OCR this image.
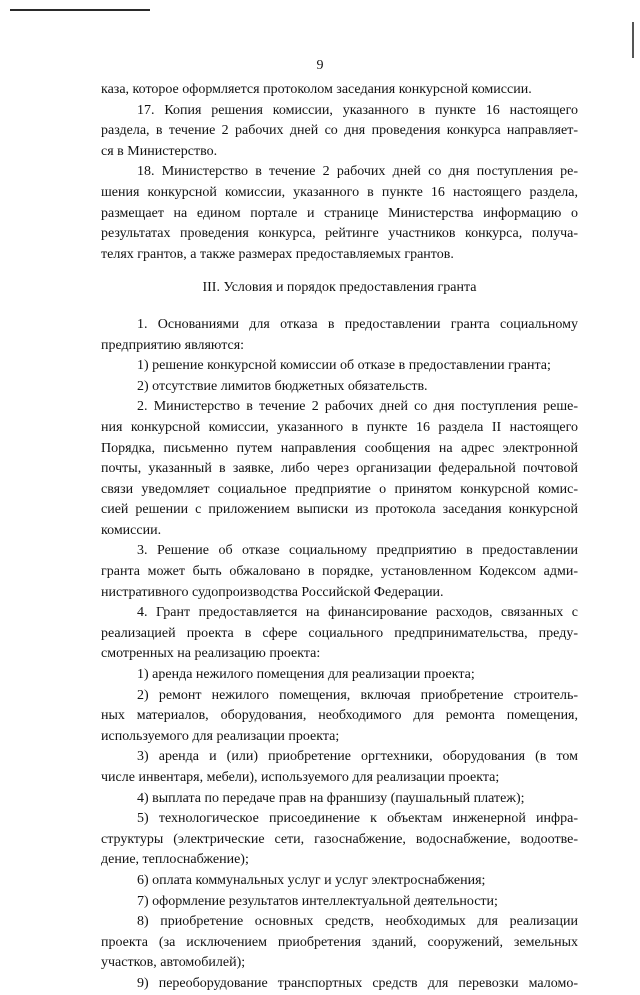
9
каза, которое оформляется протоколом заседания конкурсной комиссии.
17. Копия решения комиссии, указанного в пункте 16 настоящего
раздела, в течение 2 рабочих дней со дня проведения конкурса направляет-
ся в Министерство.
18. Министерство в течение 2 рабочих дней со дня поступления ре-
шения конкурсной комиссии, указанного в пункте 16 настоящего раздела,
размещает на едином портале и странице Министерства информацию о
результатах проведения конкурса, рейтинге участников конкурса, получа-
телях грантов, а также размерах предоставляемых грантов.
III. Условия и порядок предоставления гранта
1. Основаниями для отказа в предоставлении гранта социальному
предприятию являются:
1) решение конкурсной комиссии об отказе в предоставлении гранта;
2) отсутствие лимитов бюджетных обязательств.
2. Министерство в течение 2 рабочих дней со дня поступления реше-
ния конкурсной комиссии, указанного в пункте 16 раздела II настоящего
Порядка, письменно путем направления сообщения на адрес электронной
почты, указанный в заявке, либо через организации федеральной почтовой
связи уведомляет социальное предприятие о принятом конкурсной комис-
сией решении с приложением выписки из протокола заседания конкурсной
комиссии.
3. Решение об отказе социальному предприятию в предоставлении
гранта может быть обжаловано в порядке, установленном Кодексом адми-
нистративного судопроизводства Российской Федерации.
4. Грант предоставляется на финансирование расходов, связанных с
реализацией проекта в сфере социального предпринимательства, преду-
смотренных на реализацию проекта:
1) аренда нежилого помещения для реализации проекта;
2) ремонт нежилого помещения, включая приобретение строитель-
ных материалов, оборудования, необходимого для ремонта помещения,
используемого для реализации проекта;
3) аренда и (или) приобретение оргтехники, оборудования (в том
числе инвентаря, мебели), используемого для реализации проекта;
4) выплата по передаче прав на франшизу (паушальный платеж);
5) технологическое присоединение к объектам инженерной инфра-
структуры (электрические сети, газоснабжение, водоснабжение, водоотве-
дение, теплоснабжение);
6) оплата коммунальных услуг и услуг электроснабжения;
7) оформление результатов интеллектуальной деятельности;
8) приобретение основных средств, необходимых для реализации
проекта (за исключением приобретения зданий, сооружений, земельных
участков, автомобилей);
9) переоборудование транспортных средств для перевозки маломо-
